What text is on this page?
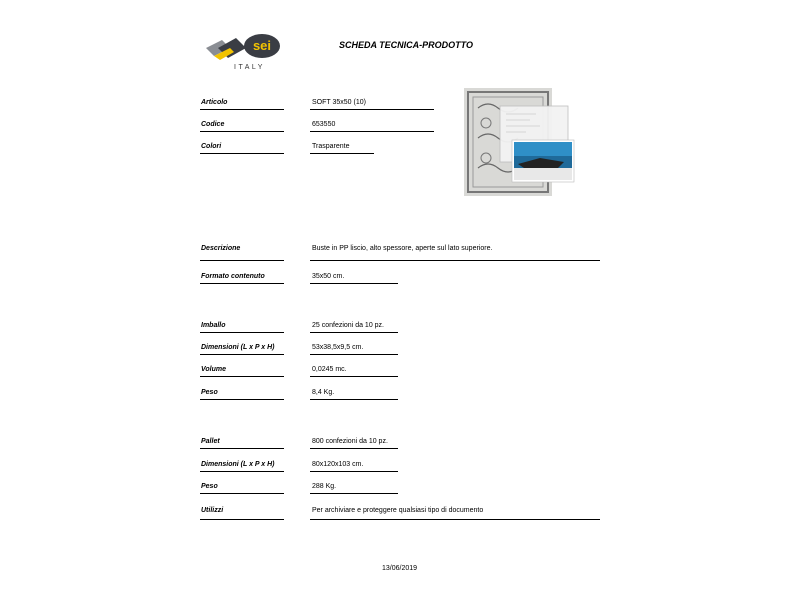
sei
ITALY
SCHEDA TECNICA-PRODOTTO
Articolo	SOFT 35x50 (10)
Codice	653550
Colori	Trasparente
Descrizione	Buste in PP liscio, alto spessore, aperte sul lato superiore.
Formato contenuto	35x50 cm.
Imballo	25 confezioni da 10 pz.
Dimensioni (L x P x H)	53x38,5x9,5 cm.
Volume	0,0245 mc.
Peso	8,4 Kg.
Pallet	800 confezioni da 10 pz.
Dimensioni (L x P x H)	80x120x103 cm.
Peso	288 Kg.
Utilizzi	Per archiviare e proteggere qualsiasi tipo di documento
13/06/2019
